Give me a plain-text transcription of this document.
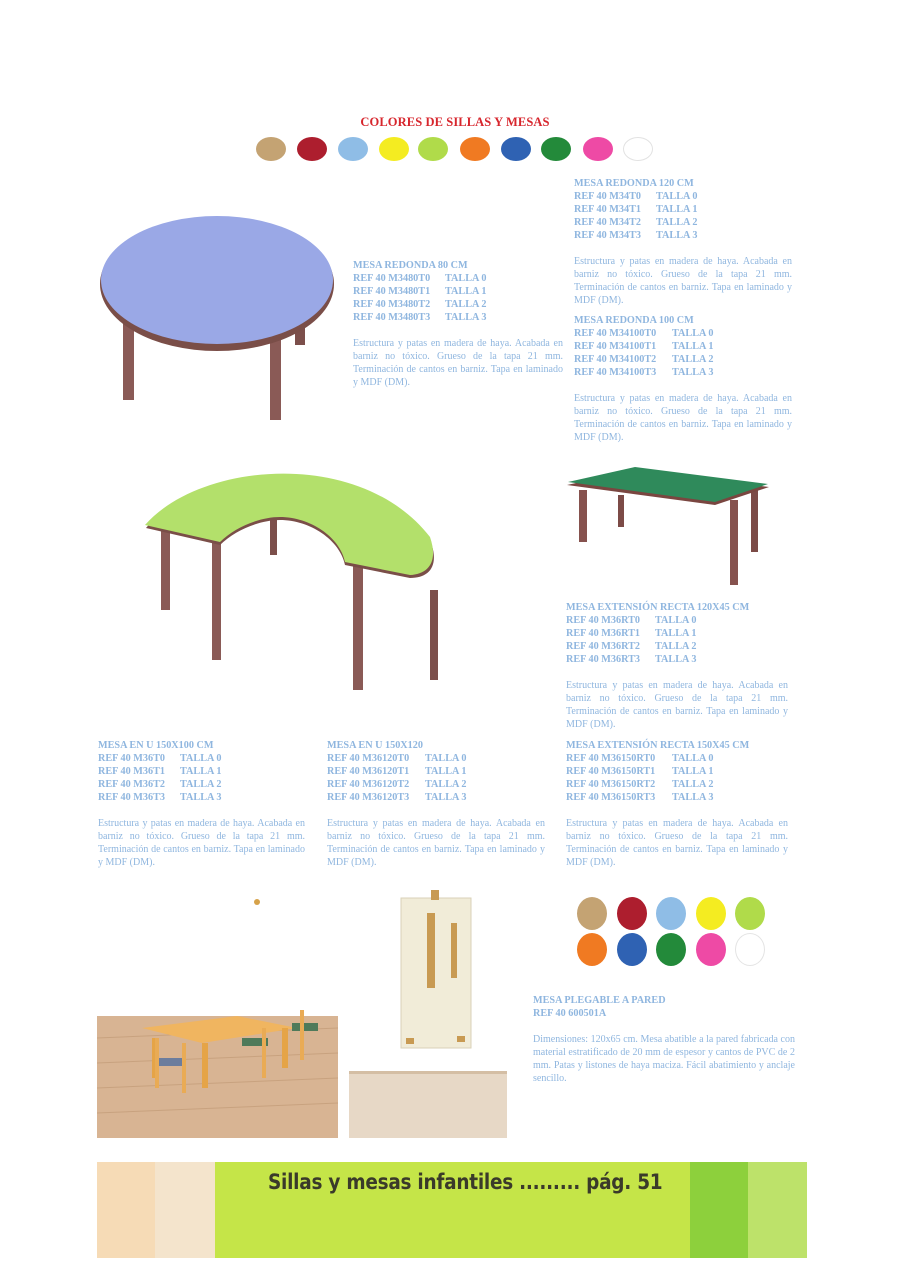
COLORES DE SILLAS Y MESAS
MESA REDONDA 120 CM
REF 40 M34T0 TALLA 0
REF 40 M34T1 TALLA 1
REF 40 M34T2 TALLA 2
REF 40 M34T3 TALLA 3
Estructura y patas en madera de haya. Acabada en barniz no tóxico. Grueso de la tapa 21 mm. Terminación de cantos en barniz. Tapa en laminado y MDF (DM).
MESA REDONDA 80 CM
REF 40 M3480T0 TALLA 0
REF 40 M3480T1 TALLA 1
REF 40 M3480T2 TALLA 2
REF 40 M3480T3 TALLA 3
Estructura y patas en madera de haya. Acabada en barniz no tóxico. Grueso de la tapa 21 mm. Terminación de cantos en barniz. Tapa en laminado y MDF (DM).
MESA REDONDA 100 CM
REF 40 M34100T0 TALLA 0
REF 40 M34100T1 TALLA 1
REF 40 M34100T2 TALLA 2
REF 40 M34100T3 TALLA 3
Estructura y patas en madera de haya. Acabada en barniz no tóxico. Grueso de la tapa 21 mm. Terminación de cantos en barniz. Tapa en laminado y MDF (DM).
MESA EXTENSIÓN RECTA 120X45 CM
REF 40 M36RT0 TALLA 0
REF 40 M36RT1 TALLA 1
REF 40 M36RT2 TALLA 2
REF 40 M36RT3 TALLA 3
Estructura y patas en madera de haya. Acabada en barniz no tóxico. Grueso de la tapa 21 mm. Terminación de cantos en barniz. Tapa en laminado y MDF (DM).
MESA EN U 150X100 CM
REF 40 M36T0 TALLA 0
REF 40 M36T1 TALLA 1
REF 40 M36T2 TALLA 2
REF 40 M36T3 TALLA 3
Estructura y patas en madera de haya. Acabada en barniz no tóxico. Grueso de la tapa 21 mm. Terminación de cantos en barniz. Tapa en laminado y MDF (DM).
MESA EN U 150X120
REF 40 M36120T0 TALLA 0
REF 40 M36120T1 TALLA 1
REF 40 M36120T2 TALLA 2
REF 40 M36120T3 TALLA 3
Estructura y patas en madera de haya. Acabada en barniz no tóxico. Grueso de la tapa 21 mm. Terminación de cantos en barniz. Tapa en laminado y MDF (DM).
MESA EXTENSIÓN RECTA 150X45 CM
REF 40 M36150RT0 TALLA 0
REF 40 M36150RT1 TALLA 1
REF 40 M36150RT2 TALLA 2
REF 40 M36150RT3 TALLA 3
Estructura y patas en madera de haya. Acabada en barniz no tóxico. Grueso de la tapa 21 mm. Terminación de cantos en barniz. Tapa en laminado y MDF (DM).
MESA PLEGABLE A PARED
REF 40 600501A
Dimensiones: 120x65 cm. Mesa abatible a la pared fabricada con material estratificado de 20 mm de espesor y cantos de PVC de 2 mm. Patas y listones de haya maciza. Fácil abatimiento y anclaje sencillo.
Sillas y mesas infantiles ......... pág. 51
